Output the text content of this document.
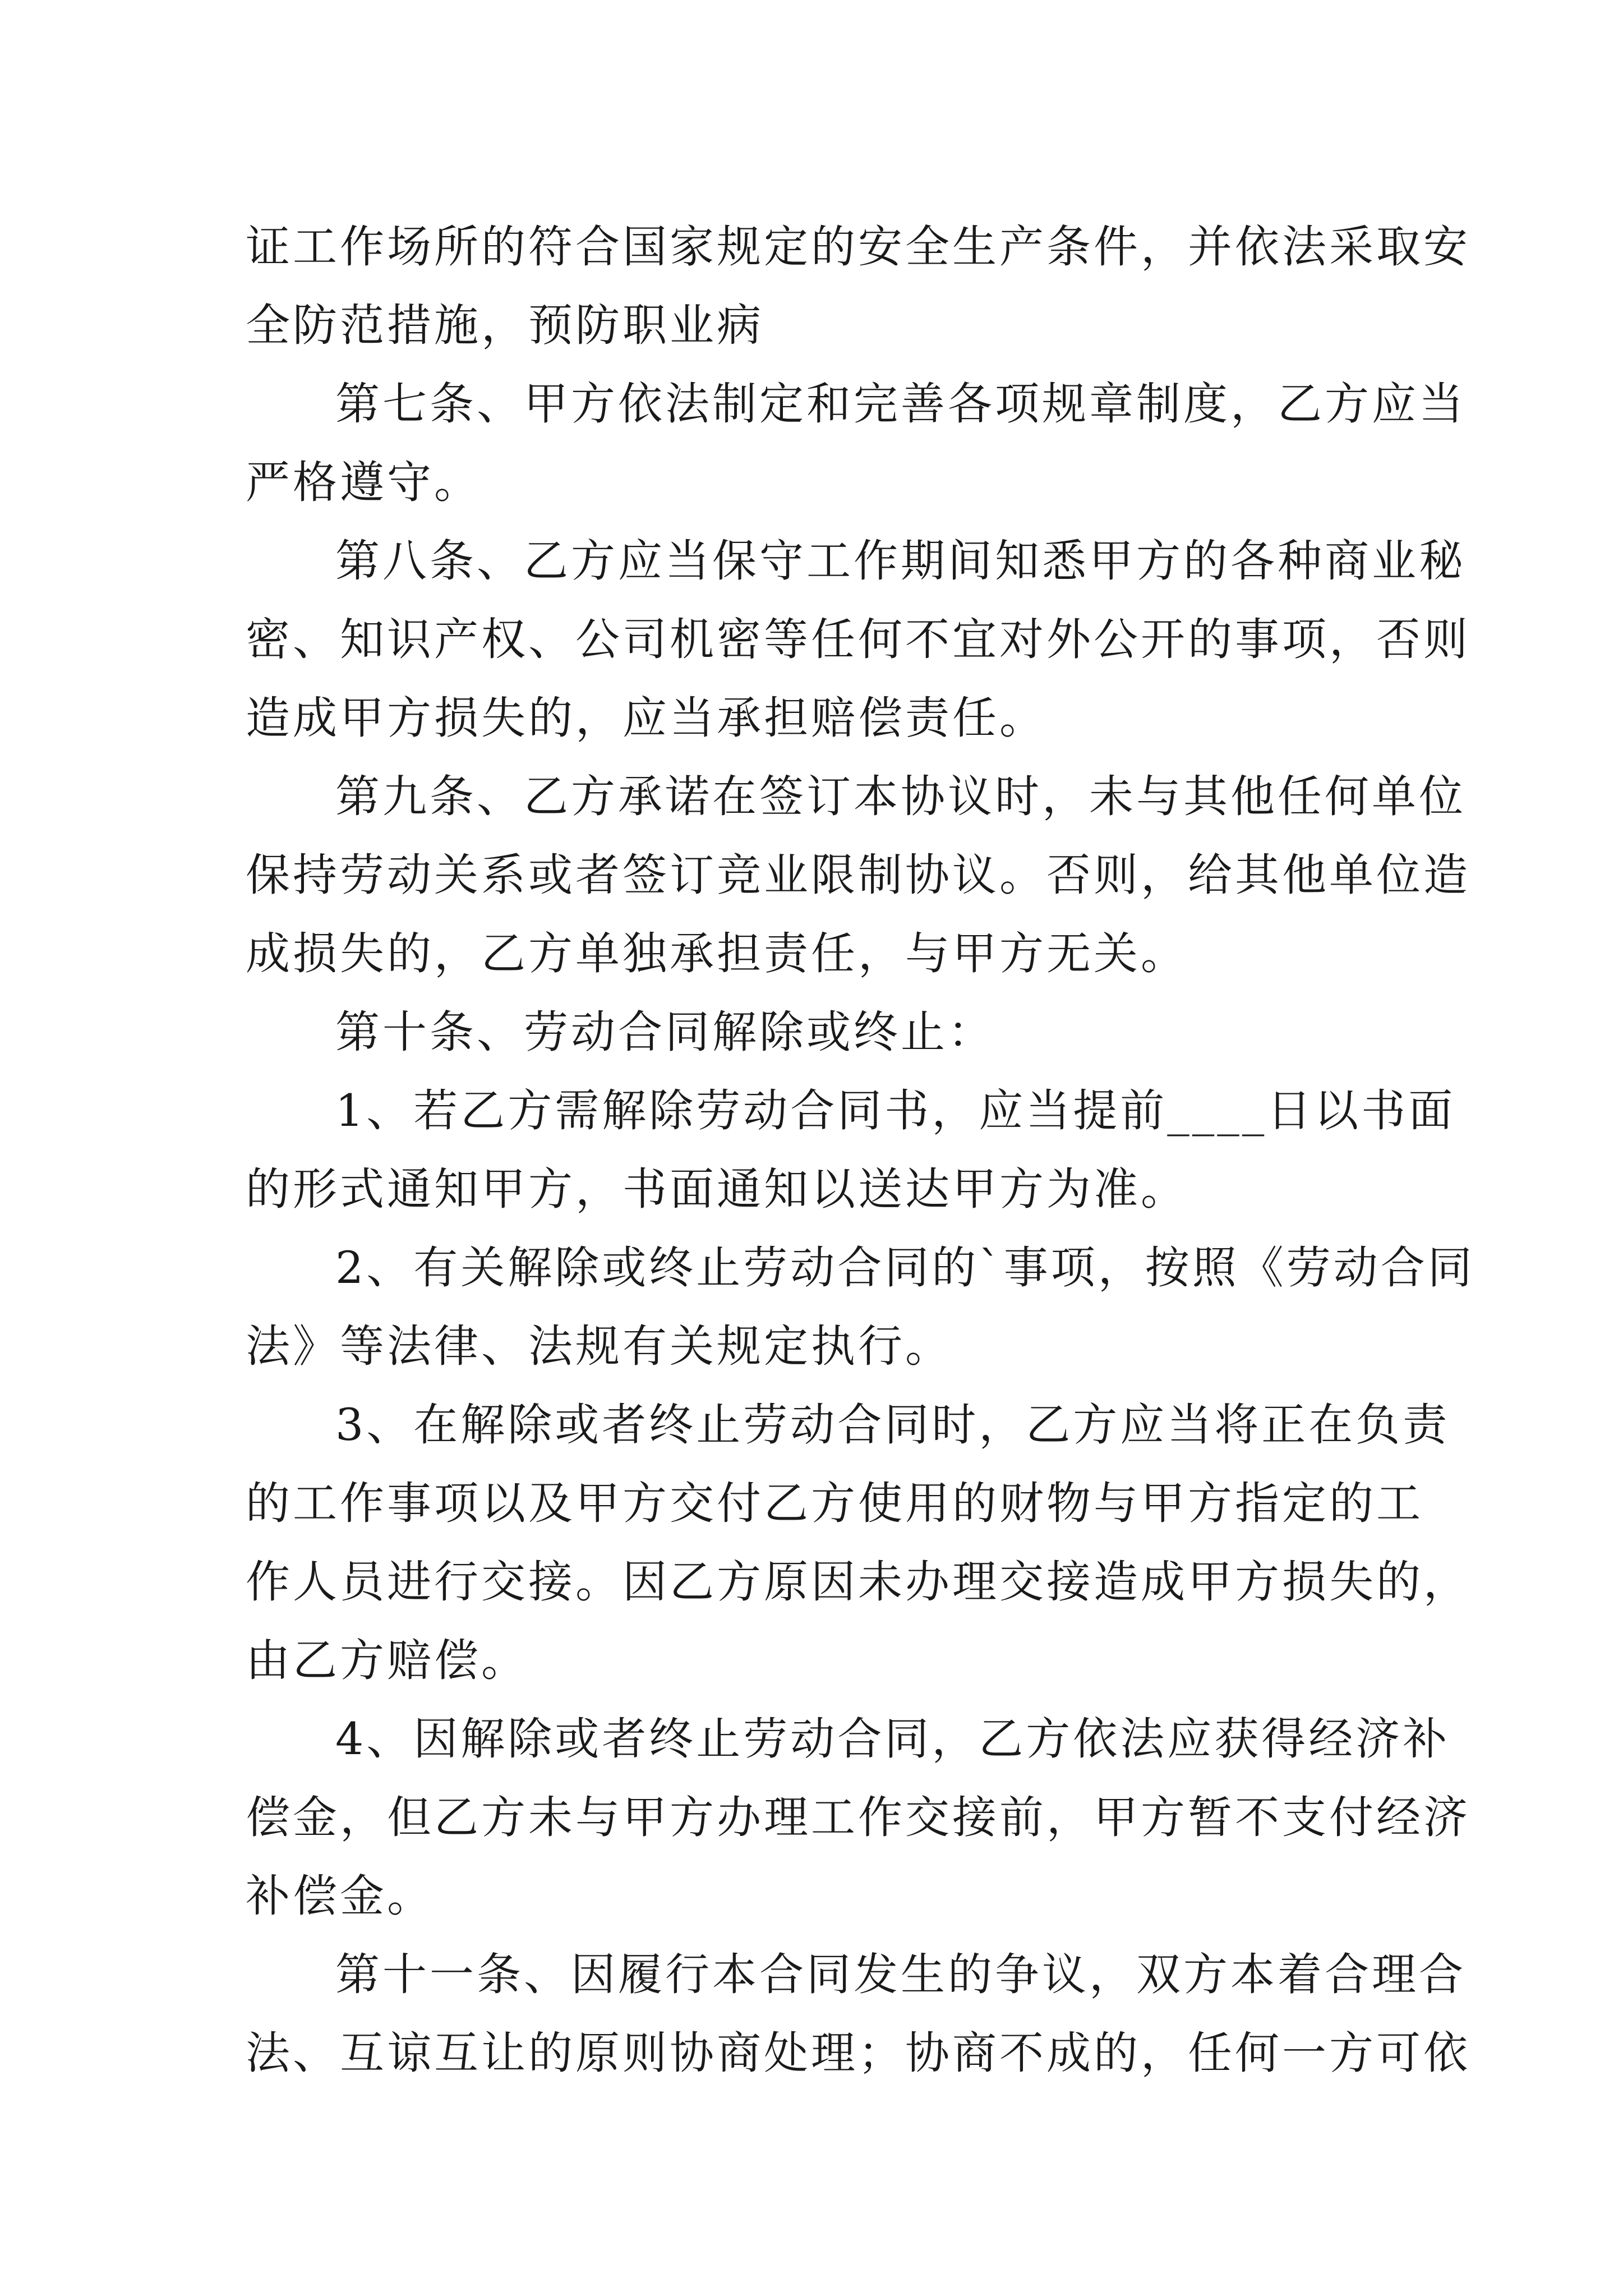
证工作场所的符合国家规定的安全生产条件，并依法采取安
全防范措施，预防职业病

第七条、甲方依法制定和完善各项规章制度，乙方应当
严格遵守。

第八条、乙方应当保守工作期间知悉甲方的各种商业秘
密、知识产权、公司机密等任何不宜对外公开的事项，否则
造成甲方损失的，应当承担赔偿责任。

第九条、乙方承诺在签订本协议时，未与其他任何单位
保持劳动关系或者签订竞业限制协议。否则，给其他单位造
成损失的，乙方单独承担责任，与甲方无关。

第十条、劳动合同解除或终止：

1、若乙方需解除劳动合同书，应当提前____日以书面
的形式通知甲方，书面通知以送达甲方为准。

2、有关解除或终止劳动合同的`事项，按照《劳动合同
法》等法律、法规有关规定执行。

3、在解除或者终止劳动合同时，乙方应当将正在负责
的工作事项以及甲方交付乙方使用的财物与甲方指定的工
作人员进行交接。因乙方原因未办理交接造成甲方损失的，
由乙方赔偿。

4、因解除或者终止劳动合同，乙方依法应获得经济补
偿金，但乙方未与甲方办理工作交接前，甲方暂不支付经济
补偿金。

第十一条、因履行本合同发生的争议，双方本着合理合
法、互谅互让的原则协商处理；协商不成的，任何一方可依
